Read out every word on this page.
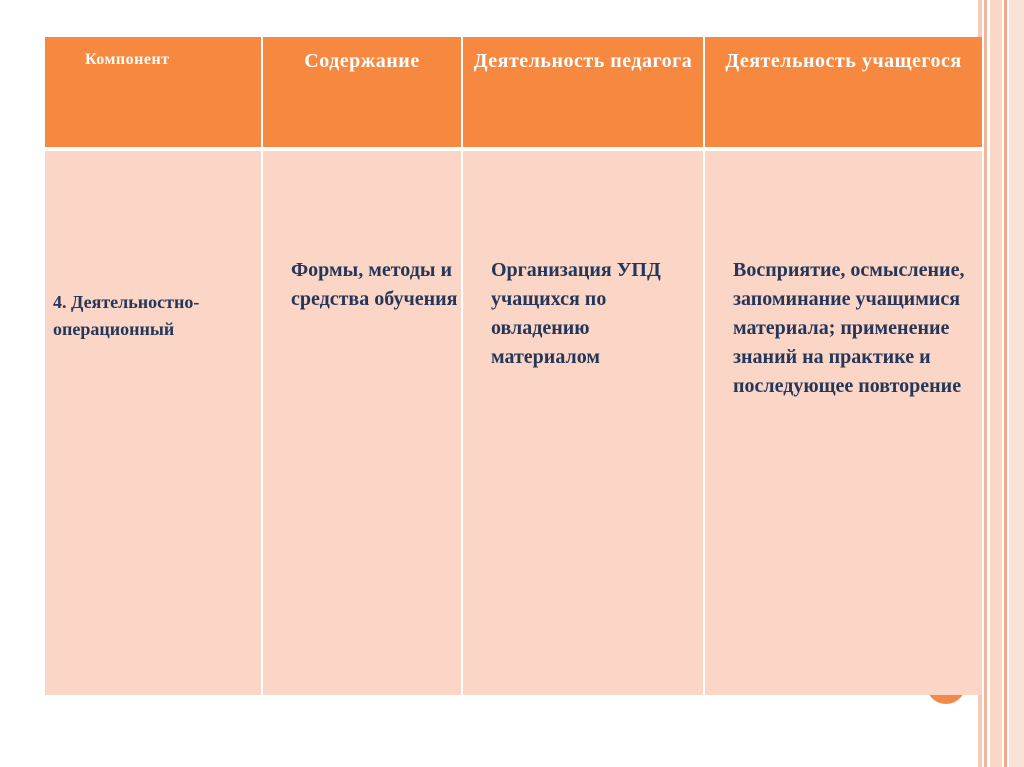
Компонент	Содержание	Деятельность педагога	Деятельность учащегося
4. Деятельностно-операционный	Формы, методы и средства обучения	Организация УПД учащихся по овладению материалом	Восприятие, осмысление, запоминание учащимися материала; применение знаний на практике и последующее повторение
